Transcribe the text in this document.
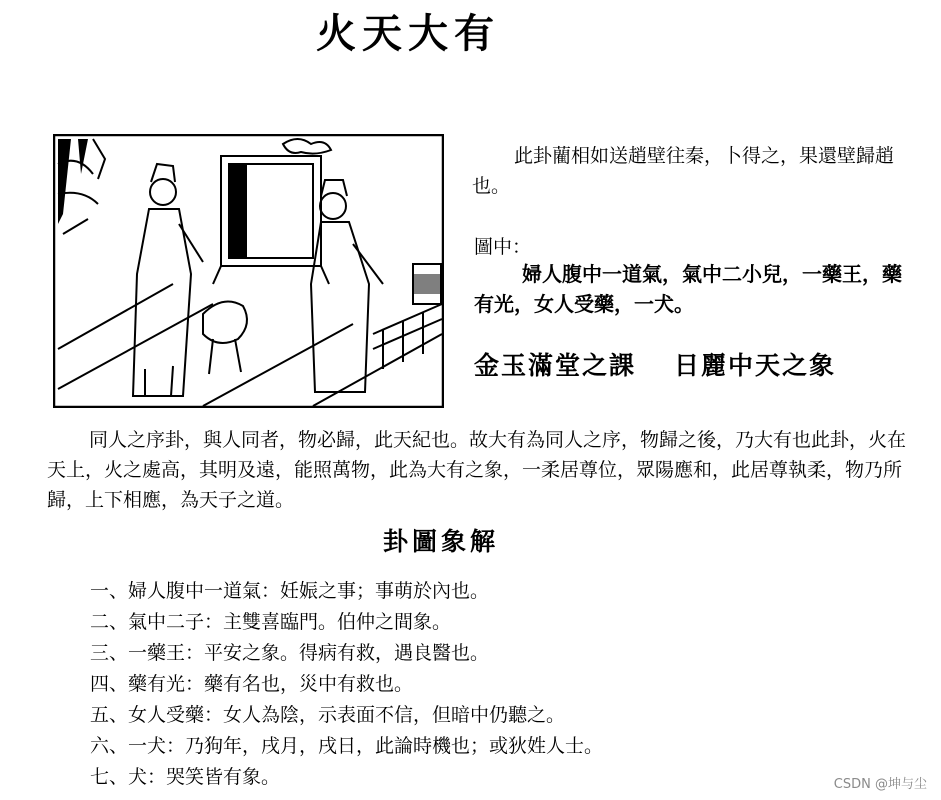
火天大有

此卦藺相如送趙壁往秦，卜得之，果還壁歸趙也。

圖中：

婦人腹中一道氣，氣中二小兒，一藥王，藥有光，女人受藥，一犬。

金玉滿堂之課 日麗中天之象

同人之序卦，與人同者，物必歸，此天紀也。故大有為同人之序，物歸之後，乃大有也此卦，火在天上，火之處高，其明及遠，能照萬物，此為大有之象，一柔居尊位，眾陽應和，此居尊執柔，物乃所歸，上下相應，為天子之道。

卦圖象解
一、婦人腹中一道氣：妊娠之事；事萌於內也。
二、氣中二子：主雙喜臨門。伯仲之間象。
三、一藥王：平安之象。得病有救，遇良醫也。
四、藥有光：藥有名也，災中有救也。
五、女人受藥：女人為陰，示表面不信，但暗中仍聽之。
六、一犬：乃狗年，戌月，戌日，此論時機也；或狄姓人士。
七、犬：哭笑皆有象。	CSDN @坤与尘
